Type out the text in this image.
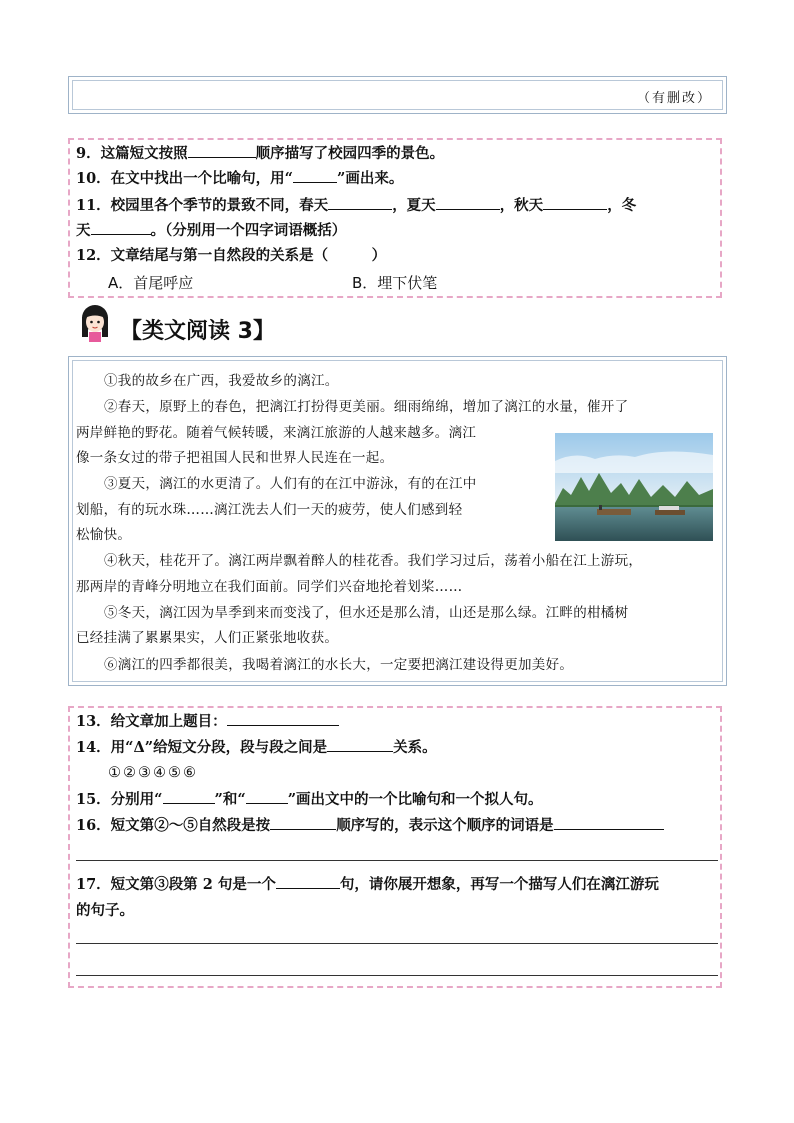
（有删改）
9．这篇短文按照	顺序描写了校园四季的景色。
10．在文中找出一个比喻句，用“	”画出来。
11．校园里各个季节的景致不同，春天	，夏天	，秋天	，冬
天	。（分别用一个四字词语概括）
12．文章结尾与第一自然段的关系是（　　　）
A．首尾呼应	B．埋下伏笔
【类文阅读 3】
①我的故乡在广西，我爱故乡的漓江。
②春天，原野上的春色，把漓江打扮得更美丽。细雨绵绵，增加了漓江的水量，催开了
两岸鲜艳的野花。随着气候转暖，来漓江旅游的人越来越多。漓江
像一条女过的带子把祖国人民和世界人民连在一起。
③夏天，漓江的水更清了。人们有的在江中游泳，有的在江中
划船，有的玩水珠……漓江洗去人们一天的疲劳，使人们感到轻
松愉快。
④秋天，桂花开了。漓江两岸飘着醉人的桂花香。我们学习过后，荡着小船在江上游玩，
那两岸的青峰分明地立在我们面前。同学们兴奋地抡着划桨……
⑤冬天，漓江因为旱季到来而变浅了，但水还是那么清，山还是那么绿。江畔的柑橘树
已经挂满了累累果实，人们正紧张地收获。
⑥漓江的四季都很美，我喝着漓江的水长大，一定要把漓江建设得更加美好。
13．给文章加上题目：
14．用“Δ”给短文分段，段与段之间是	关系。
①②③④⑤⑥
15．分别用“	”和“	”画出文中的一个比喻句和一个拟人句。
16．短文第②～⑤自然段是按	顺序写的，表示这个顺序的词语是
17．短文第③段第 2 句是一个	句，请你展开想象，再写一个描写人们在漓江游玩
的句子。
